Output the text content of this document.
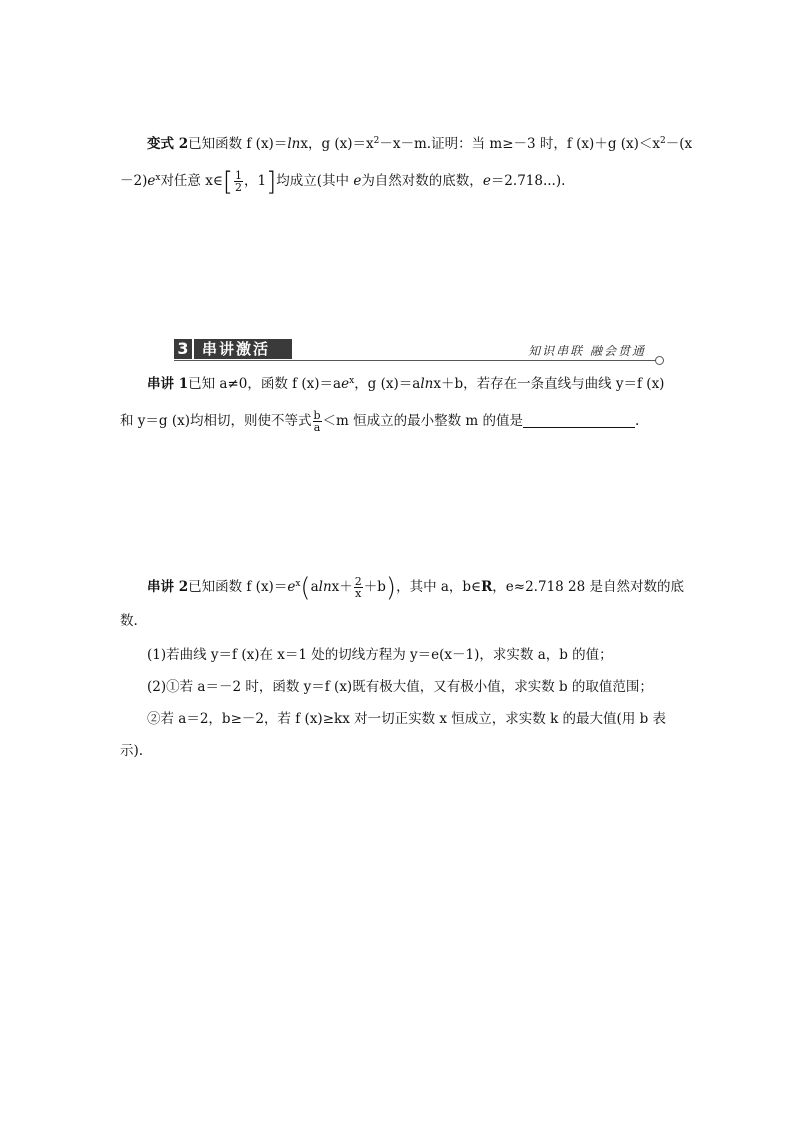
变式 2已知函数 f (x)＝lnx，g $(x)=x^2-x-m$.证明：当 m≥－3 时，f (x)＋g $(x)<x^2-(x$
$-2)e^x$对任意 x∈[ $\frac{1}{2}$ ，1]均成立(其中 e为自然对数的底数，e＝2.718...).
3 串讲激活	知识串联 融会贯通
串讲 1已知 a≠0，函数 f $(x)=ae^x$，g (x)＝alnx＋b，若存在一条直线与曲线 y＝f (x)
和 y＝g (x)均相切，则使不等式 $\frac{b}{a} <m$ 恒成立的最小整数 m 的值是	.
串讲 2已知函数 f $(x)=e^x(alnx+ \frac{2}{x} +b)$，其中 a，b∈R，e≈2.718 28 是自然对数的底
数.
(1)若曲线 y＝f (x)在 x＝1 处的切线方程为 y＝e(x－1)，求实数 a，b 的值；
(2)①若 a＝－2 时，函数 y＝f (x)既有极大值，又有极小值，求实数 b 的取值范围；
②若 a＝2，b≥－2，若 f (x)≥kx 对一切正实数 x 恒成立，求实数 k 的最大值(用 b 表
示).
